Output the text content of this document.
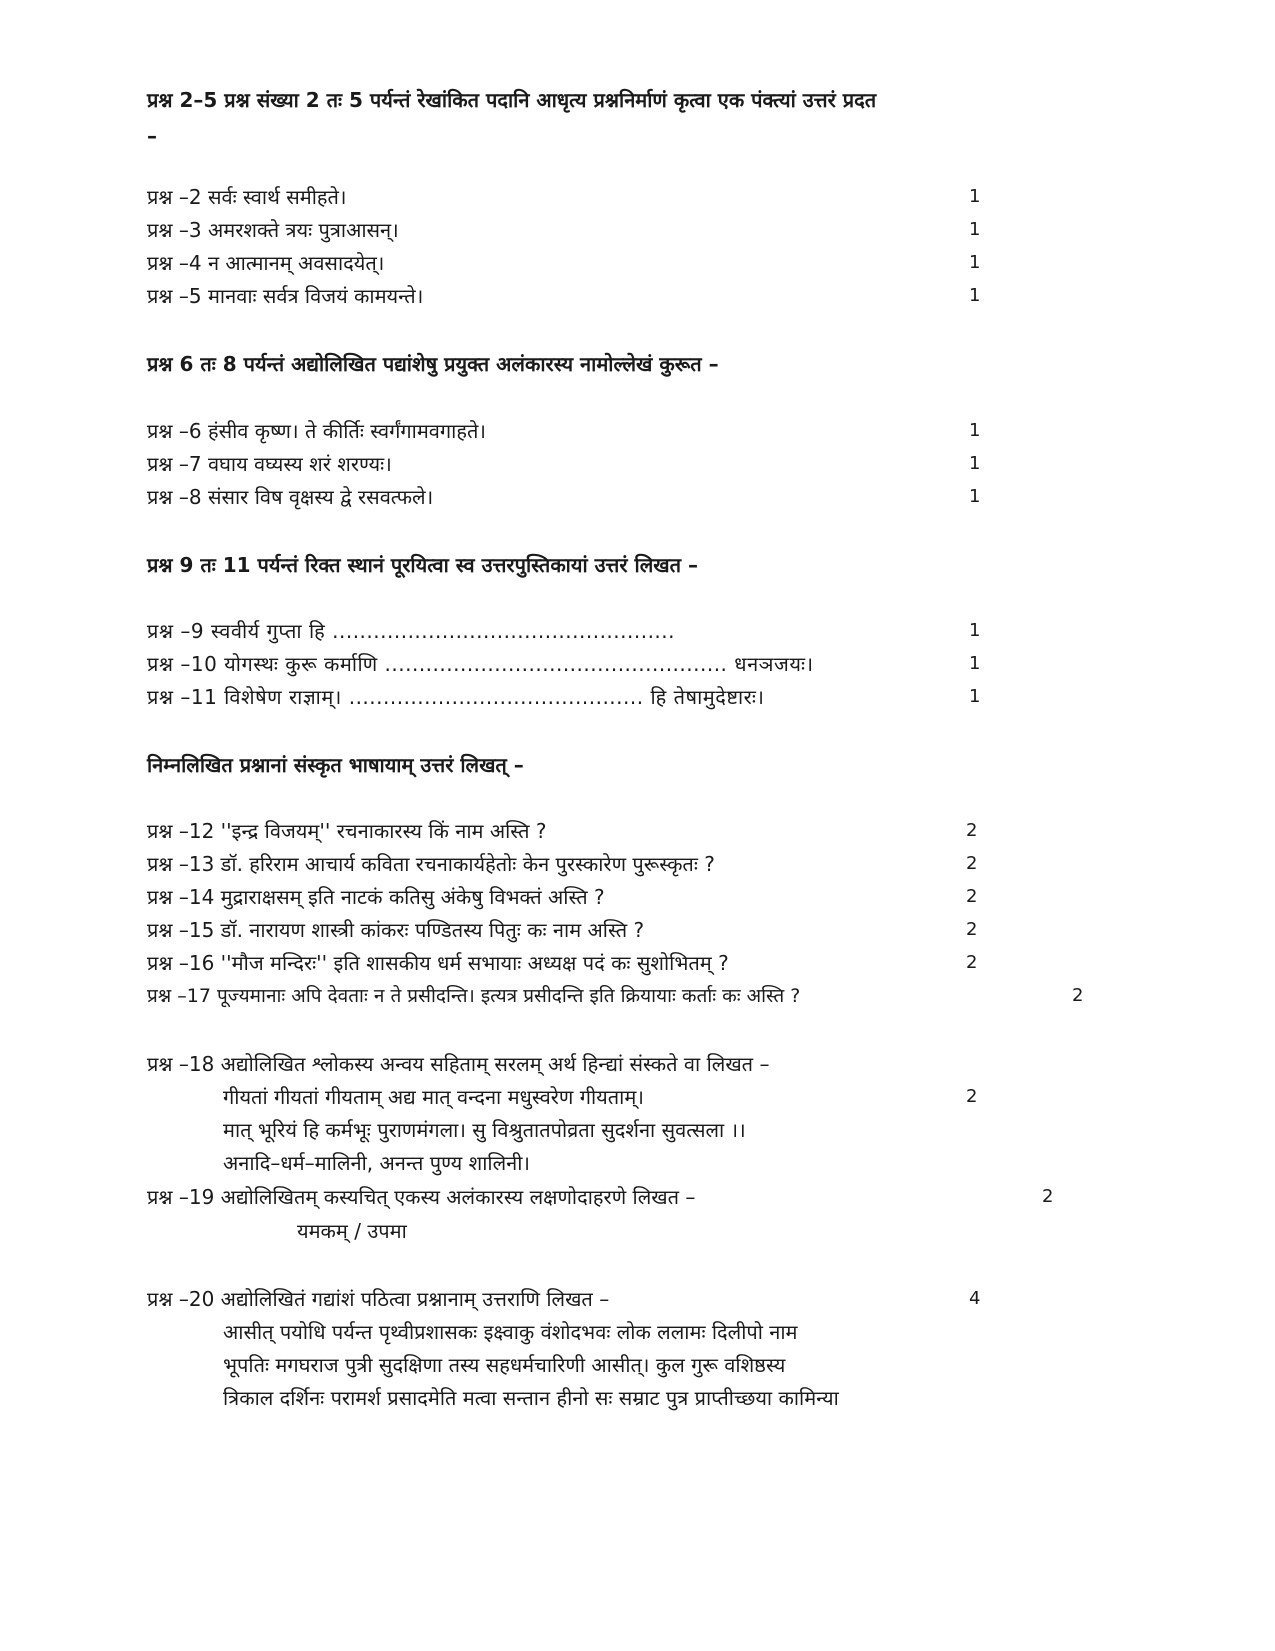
प्रश्न 2–5 प्रश्न संख्या 2 तः 5 पर्यन्तं रेखांकित पदानि आधृत्य प्रश्ननिर्माणं कृत्वा एक पंक्त्यां उत्तरं प्रदत
–
प्रश्न –2 सर्वः स्वार्थ समीहते।	1
प्रश्न –3 अमरशक्ते त्रयः पुत्राआसन्।	1
प्रश्न –4 न आत्मानम् अवसादयेत्।	1
प्रश्न –5 मानवाः सर्वत्र विजयं कामयन्ते।	1
प्रश्न 6 तः 8 पर्यन्तं अद्योलिखित पद्यांशेषु प्रयुक्त अलंकारस्य नामोल्लेखं कुरूत –
प्रश्न –6 हंसीव कृष्ण। ते कीर्तिः स्वर्गंगामवगाहते।	1
प्रश्न –7 वघाय वघ्यस्य शरं शरण्यः।	1
प्रश्न –8 संसार विष वृक्षस्य द्वे रसवत्फले।	1
प्रश्न 9 तः 11 पर्यन्तं रिक्त स्थानं पूरयित्वा स्व उत्तरपुस्तिकायां उत्तरं लिखत –
प्रश्न –9 स्ववीर्य गुप्ता हि ..................................................	1
प्रश्न –10 योगस्थः कुरू कर्माणि .................................................. धनञजयः।	1
प्रश्न –11 विशेषेण राज्ञाम्। ........................................... हि तेषामुदेष्टारः।	1
निम्नलिखित प्रश्नानां संस्कृत भाषायाम् उत्तरं लिखत् –
प्रश्न –12 ''इन्द्र विजयम्'' रचनाकारस्य किं नाम अस्ति ?	2
प्रश्न –13 डॉ. हरिराम आचार्य कविता रचनाकार्यहेतोः केन पुरस्कारेण पुरूस्कृतः ?	2
प्रश्न –14 मुद्राराक्षसम् इति नाटकं कतिसु अंकेषु विभक्तं अस्ति ?	2
प्रश्न –15 डॉ. नारायण शास्त्री कांकरः पण्डितस्य पितुः कः नाम अस्ति ?	2
प्रश्न –16 ''मौज मन्दिरः'' इति शासकीय धर्म सभायाः अध्यक्ष पदं कः सुशोभितम् ?	2
प्रश्न –17 पूज्यमानाः अपि देवताः न ते प्रसीदन्ति। इत्यत्र प्रसीदन्ति इति क्रियायाः कर्ताः कः अस्ति ?	2
प्रश्न –18 अद्योलिखित श्लोकस्य अन्वय सहिताम् सरलम् अर्थ हिन्द्यां संस्कते वा लिखत –
गीयतां गीयतां गीयताम् अद्य मात् वन्दना मधुस्वरेण गीयताम्।	2
मात् भूरियं हि कर्मभूः पुराणमंगला। सु विश्रुतातपोव्रता सुदर्शना सुवत्सला ।।
अनादि–धर्म–मालिनी, अनन्त पुण्य शालिनी।
प्रश्न –19 अद्योलिखितम् कस्यचित् एकस्य अलंकारस्य लक्षणोदाहरणे लिखत –	2
यमकम् / उपमा
प्रश्न –20 अद्योलिखितं गद्यांशं पठित्वा प्रश्नानाम् उत्तराणि लिखत –	4
आसीत् पयोधि पर्यन्त पृथ्वीप्रशासकः इक्ष्वाकु वंशोदभवः लोक ललामः दिलीपो नाम
भूपतिः मगघराज पुत्री सुदक्षिणा तस्य सहधर्मचारिणी आसीत्। कुल गुरू वशिष्ठस्य
त्रिकाल दर्शिनः परामर्श प्रसादमेति मत्वा सन्तान हीनो सः सम्राट पुत्र प्राप्तीच्छया कामिन्या
